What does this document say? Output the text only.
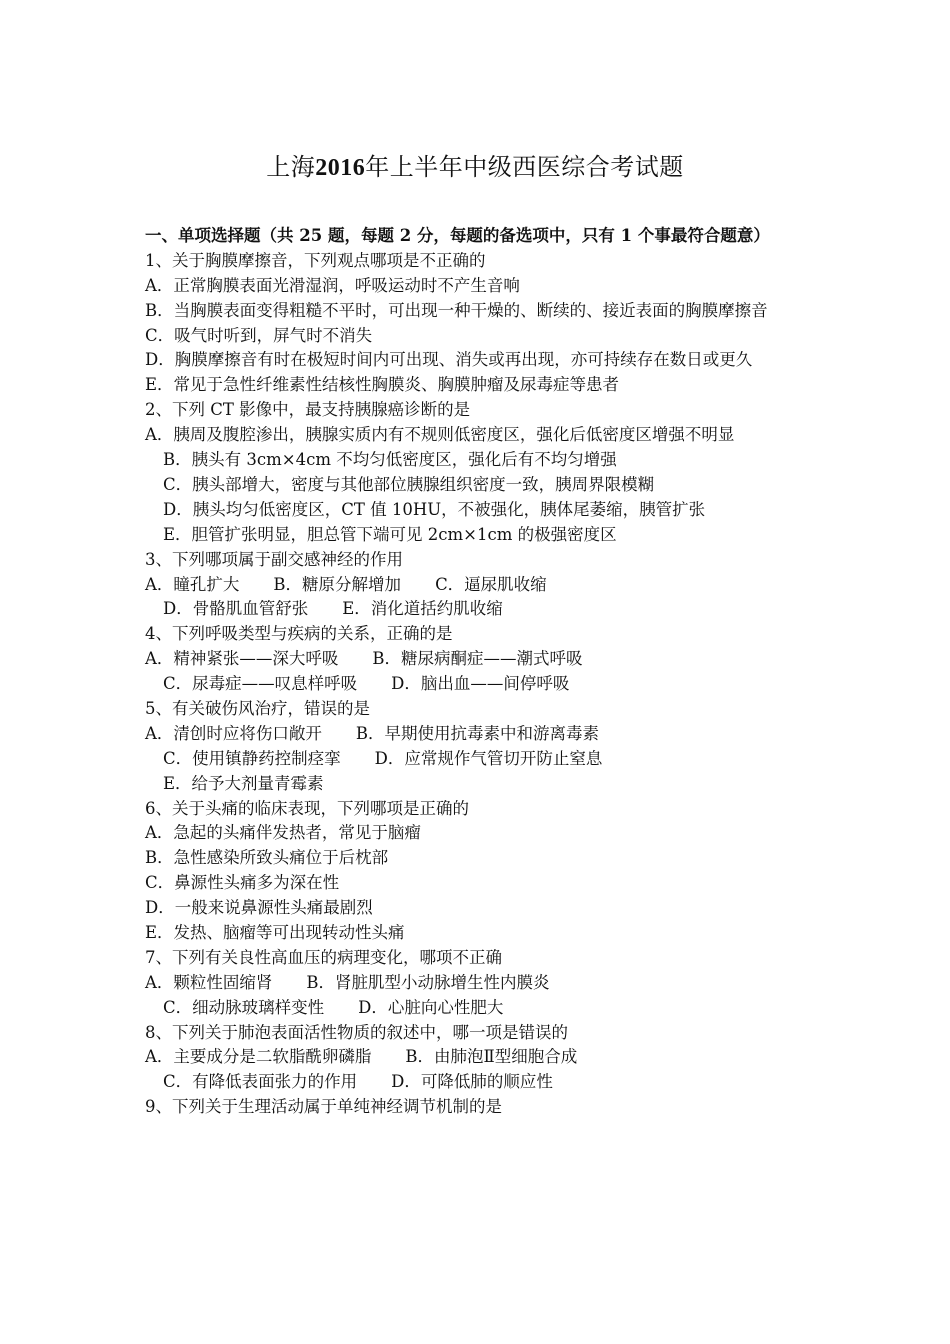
上海2016年上半年中级西医综合考试题
一、单项选择题（共 25 题，每题 2 分，每题的备选项中，只有 1 个事最符合题意）
1、关于胸膜摩擦音，下列观点哪项是不正确的
A．正常胸膜表面光滑湿润，呼吸运动时不产生音响
B．当胸膜表面变得粗糙不平时，可出现一种干燥的、断续的、接近表面的胸膜摩擦音
C．吸气时听到，屏气时不消失
D．胸膜摩擦音有时在极短时间内可出现、消失或再出现，亦可持续存在数日或更久
E．常见于急性纤维素性结核性胸膜炎、胸膜肿瘤及尿毒症等患者
2、下列 CT 影像中，最支持胰腺癌诊断的是
A．胰周及腹腔渗出，胰腺实质内有不规则低密度区，强化后低密度区增强不明显
B．胰头有 3cm×4cm 不均匀低密度区，强化后有不均匀增强
C．胰头部增大，密度与其他部位胰腺组织密度一致，胰周界限模糊
D．胰头均匀低密度区，CT 值 10HU，不被强化，胰体尾萎缩，胰管扩张
E．胆管扩张明显，胆总管下端可见 2cm×1cm 的极强密度区
3、下列哪项属于副交感神经的作用
A．瞳孔扩大 B．糖原分解增加 C．逼尿肌收缩
D．骨骼肌血管舒张 E．消化道括约肌收缩
4、下列呼吸类型与疾病的关系，正确的是
A．精神紧张——深大呼吸 B．糖尿病酮症——潮式呼吸
C．尿毒症——叹息样呼吸 D．脑出血——间停呼吸
5、有关破伤风治疗，错误的是
A．清创时应将伤口敞开 B．早期使用抗毒素中和游离毒素
C．使用镇静药控制痉挛 D．应常规作气管切开防止窒息
E．给予大剂量青霉素
6、关于头痛的临床表现，下列哪项是正确的
A．急起的头痛伴发热者，常见于脑瘤
B．急性感染所致头痛位于后枕部
C．鼻源性头痛多为深在性
D．一般来说鼻源性头痛最剧烈
E．发热、脑瘤等可出现转动性头痛
7、下列有关良性高血压的病理变化，哪项不正确
A．颗粒性固缩肾 B．肾脏肌型小动脉增生性内膜炎
C．细动脉玻璃样变性 D．心脏向心性肥大
8、下列关于肺泡表面活性物质的叙述中，哪一项是错误的
A．主要成分是二软脂酰卵磷脂 B．由肺泡Ⅱ型细胞合成
C．有降低表面张力的作用 D．可降低肺的顺应性
9、下列关于生理活动属于单纯神经调节机制的是
